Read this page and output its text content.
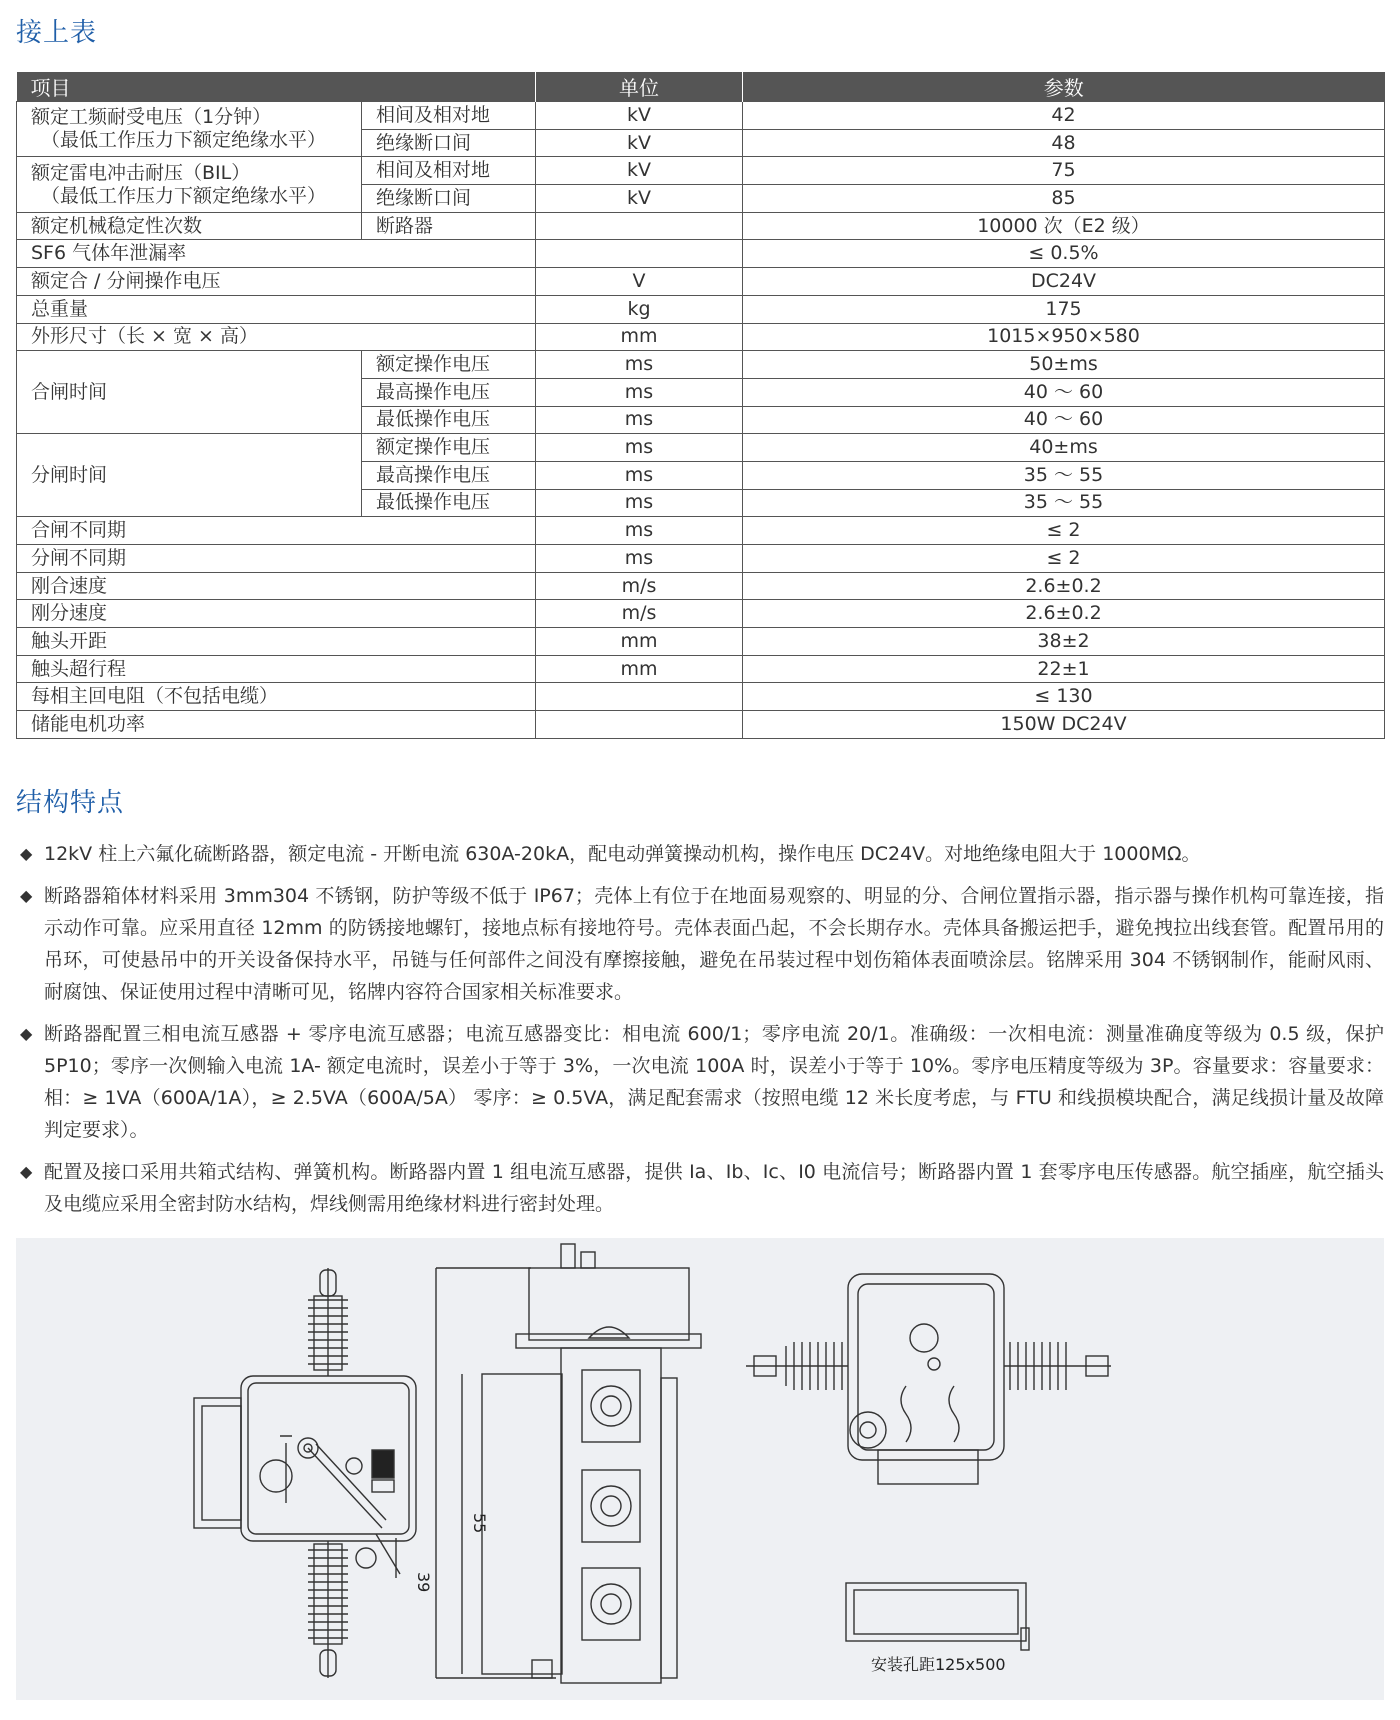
接上表
项目		单位	参数
额定工频耐受电压（1分钟）

（最低工作压力下额定绝缘水平）	相间及相对地	kV	42
	绝缘断口间	kV	48
额定雷电冲击耐压（BIL）

（最低工作压力下额定绝缘水平）	相间及相对地	kV	75
	绝缘断口间	kV	85
额定机械稳定性次数	断路器		10000 次（E2 级）
SF6 气体年泄漏率			≤ 0.5%
额定合 / 分闸操作电压		V	DC24V
总重量		kg	175
外形尺寸（长 × 宽 × 高）		mm	1015×950×580
合闸时间	额定操作电压	ms	50±ms
	最高操作电压	ms	40 ～ 60
	最低操作电压	ms	40 ～ 60
分闸时间	额定操作电压	ms	40±ms
	最高操作电压	ms	35 ～ 55
	最低操作电压	ms	35 ～ 55
合闸不同期		ms	≤ 2
分闸不同期		ms	≤ 2
刚合速度		m/s	2.6±0.2
刚分速度		m/s	2.6±0.2
触头开距		mm	38±2
触头超行程		mm	22±1
每相主回电阻（不包括电缆）			≤ 130
储能电机功率			150W DC24V
结构特点
◆ 12kV 柱上六氟化硫断路器，额定电流 - 开断电流 630A-20kA，配电动弹簧操动机构，操作电压 DC24V。对地绝缘电阻大于 1000MΩ。
◆ 断路器箱体材料采用 3mm304 不锈钢，防护等级不低于 IP67；壳体上有位于在地面易观察的、明显的分、合闸位置指示器，指示器与操作机构可靠连接，指示动作可靠。应采用直径 12mm 的防锈接地螺钉，接地点标有接地符号。壳体表面凸起，不会长期存水。壳体具备搬运把手，避免拽拉出线套管。配置吊用的吊环，可使悬吊中的开关设备保持水平，吊链与任何部件之间没有摩擦接触，避免在吊装过程中划伤箱体表面喷涂层。铭牌采用 304 不锈钢制作，能耐风雨、耐腐蚀、保证使用过程中清晰可见，铭牌内容符合国家相关标准要求。
◆ 断路器配置三相电流互感器 + 零序电流互感器；电流互感器变比：相电流 600/1；零序电流 20/1。准确级：一次相电流：测量准确度等级为 0.5 级，保护 5P10；零序一次侧输入电流 1A- 额定电流时，误差小于等于 3%，一次电流 100A 时，误差小于等于 10%。零序电压精度等级为 3P。容量要求：容量要求：相：≥ 1VA（600A/1A），≥ 2.5VA（600A/5A） 零序：≥ 0.5VA，满足配套需求（按照电缆 12 米长度考虑，与 FTU 和线损模块配合，满足线损计量及故障判定要求）。
◆ 配置及接口采用共箱式结构、弹簧机构。断路器内置 1 组电流互感器，提供 Ia、Ib、Ic、I0 电流信号；断路器内置 1 套零序电压传感器。航空插座，航空插头及电缆应采用全密封防水结构，焊线侧需用绝缘材料进行密封处理。
39
55
安装孔距125x500
